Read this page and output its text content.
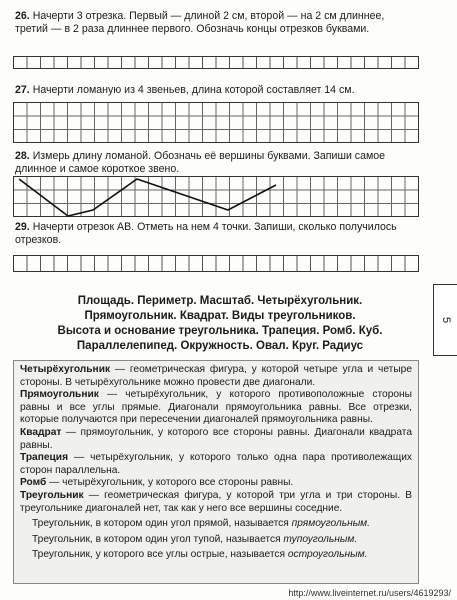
26. Начерти 3 отрезка. Первый — длиной 2 см, второй — на 2 см длиннее, третий — в 2 раза длиннее первого. Обозначь концы отрезков буквами.
27. Начерти ломаную из 4 звеньев, длина которой составляет 14 см.
28. Измерь длину ломаной. Обозначь её вершины буквами. Запиши самое длинное и самое короткое звено.
29. Начерти отрезок АВ. Отметь на нем 4 точки. Запиши, сколько получилось отрезков.
Площадь. Периметр. Масштаб. Четырёхугольник.
Прямоугольник. Квадрат. Виды треугольников.
Высота и основание треугольника. Трапеция. Ромб. Куб.
Параллелепипед. Окружность. Овал. Круг. Радиус
5

Четырёхугольник — геометрическая фигура, у которой четыре угла и четыре стороны. В четырёхугольнике можно провести две диагонали.

Прямоугольник — четырёхугольник, у которого противоположные стороны равны и все углы прямые. Диагонали прямоугольника равны. Все отрезки, которые получаются при пересечении диагоналей прямоугольника равны.

Квадрат — прямоугольник, у которого все стороны равны. Диагонали квадрата равны.

Трапеция — четырёхугольник, у которого только одна пара противолежащих сторон параллельна.

Ромб — четырёхугольник, у которого все стороны равны.

Треугольник — геометрическая фигура, у которой три угла и три стороны. В треугольнике диагоналей нет, так как у него все вершины соседние.

Треугольник, в котором один угол прямой, называется прямоугольным.

Треугольник, в котором один угол тупой, называется тупоугольным.

Треугольник, у которого все углы острые, называется остроугольным.

http://www.liveinternet.ru/users/4619293/
